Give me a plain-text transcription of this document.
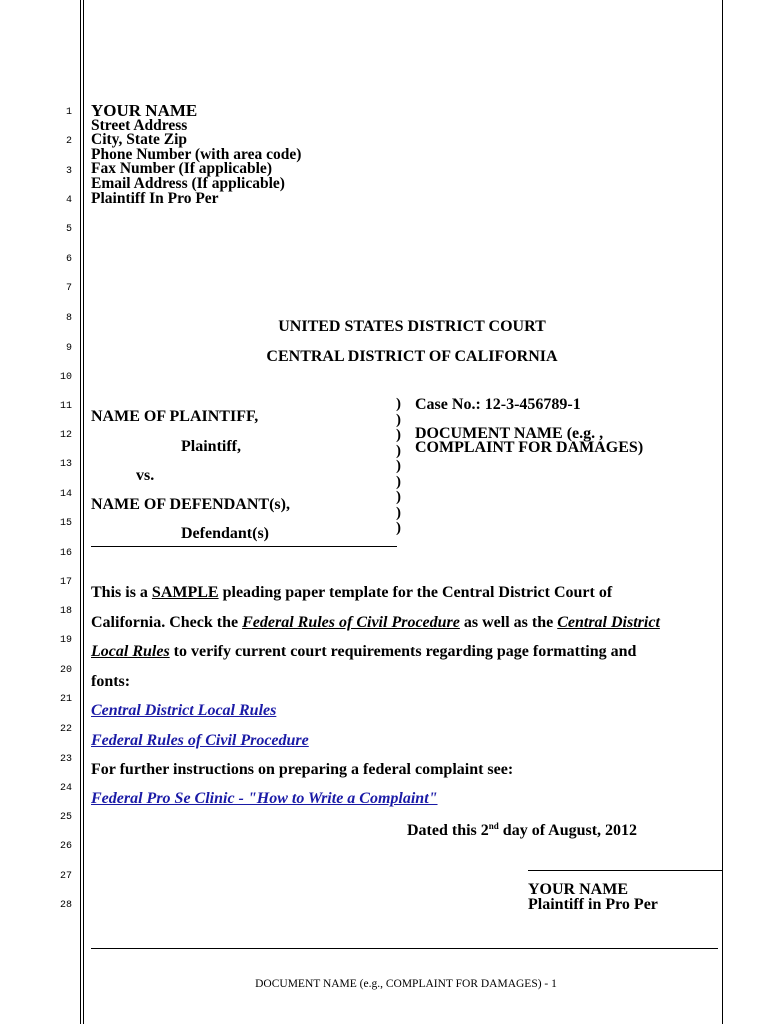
1
2
3
4
5
6
7
8
9
10
11
12
13
14
15
16
17
18
19
20
21
22
23
24
25
26
27
28
YOUR NAME
Street Address
City, State Zip
Phone Number (with area code)
Fax Number (If applicable)
Email Address (If applicable)
Plaintiff In Pro Per
UNITED STATES DISTRICT COURT
CENTRAL DISTRICT OF CALIFORNIA
NAME OF PLAINTIFF,
Plaintiff,
vs.
NAME OF DEFENDANT(s),
Defendant(s)
)
)
)
)
)
)
)
)
)
Case No.: 12-3-456789-1
DOCUMENT NAME (e.g. ,
COMPLAINT FOR DAMAGES)
This is a SAMPLE pleading paper template for the Central District Court of
California. Check the Federal Rules of Civil Procedure as well as the Central District
Local Rules to verify current court requirements regarding page formatting and
fonts:
Central District Local Rules
Federal Rules of Civil Procedure
For further instructions on preparing a federal complaint see:
Federal Pro Se Clinic - "How to Write a Complaint"
Dated this 2nd day of August, 2012
YOUR NAME
Plaintiff in Pro Per
DOCUMENT NAME (e.g., COMPLAINT FOR DAMAGES) - 1
